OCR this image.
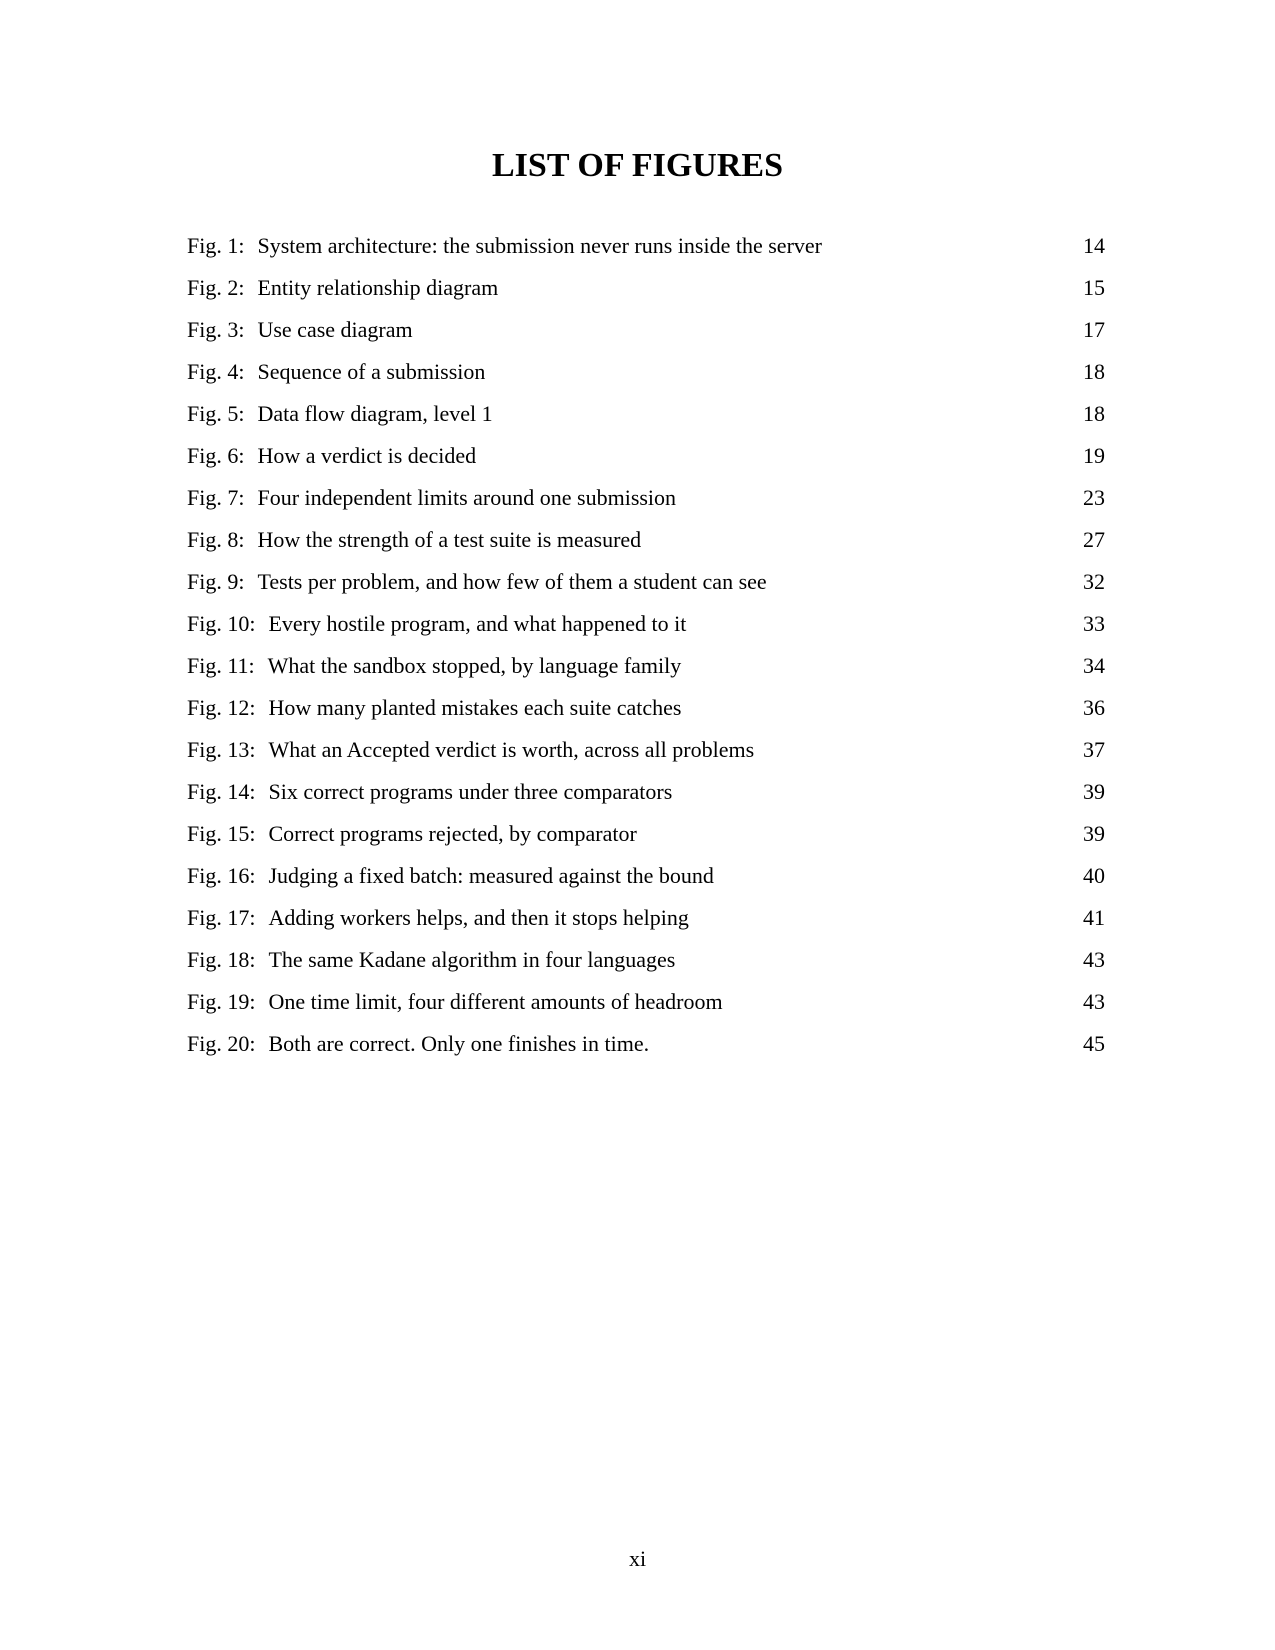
LIST OF FIGURES
Fig. 1: System architecture: the submission never runs inside the server	14
Fig. 2: Entity relationship diagram	15
Fig. 3: Use case diagram	17
Fig. 4: Sequence of a submission	18
Fig. 5: Data flow diagram, level 1	18
Fig. 6: How a verdict is decided	19
Fig. 7: Four independent limits around one submission	23
Fig. 8: How the strength of a test suite is measured	27
Fig. 9: Tests per problem, and how few of them a student can see	32
Fig. 10: Every hostile program, and what happened to it	33
Fig. 11: What the sandbox stopped, by language family	34
Fig. 12: How many planted mistakes each suite catches	36
Fig. 13: What an Accepted verdict is worth, across all problems	37
Fig. 14: Six correct programs under three comparators	39
Fig. 15: Correct programs rejected, by comparator	39
Fig. 16: Judging a fixed batch: measured against the bound	40
Fig. 17: Adding workers helps, and then it stops helping	41
Fig. 18: The same Kadane algorithm in four languages	43
Fig. 19: One time limit, four different amounts of headroom	43
Fig. 20: Both are correct. Only one finishes in time.	45
xi
